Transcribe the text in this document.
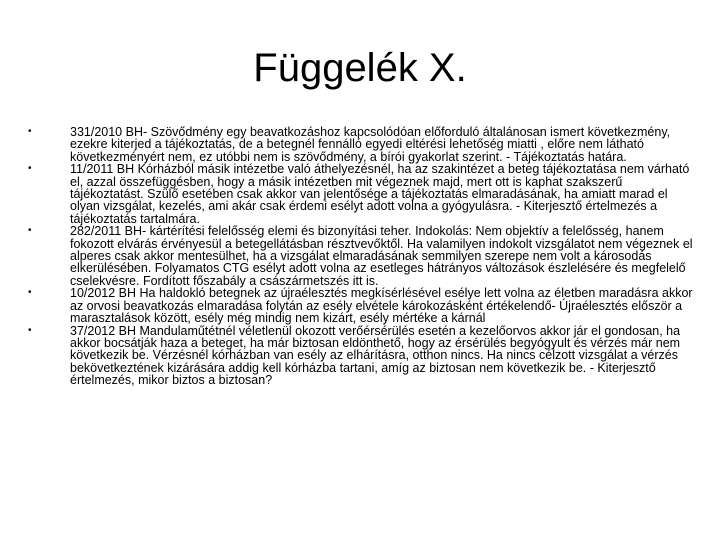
Függelék X.
•	331/2010 BH- Szövődmény egy beavatkozáshoz kapcsolódóan előforduló általánosan ismert következmény, ezekre kiterjed a tájékoztatás, de a betegnél fennálló egyedi eltérési lehetőség miatti , előre nem látható következményért nem, ez utóbbi nem is szövődmény, a bírói gyakorlat szerint. - Tájékoztatás határa.
•	11/2011 BH Kórházból másik intézetbe való áthelyezésnél, ha az szakintézet a beteg tájékoztatása nem várható el, azzal összefüggésben, hogy a másik intézetben mit végeznek majd, mert ott is kaphat szakszerű tájékoztatást. Szülő esetében csak akkor van jelentősége a tájékoztatás elmaradásának, ha amiatt marad el olyan vizsgálat, kezelés, ami akár csak érdemi esélyt adott volna a gyógyulásra. - Kiterjesztő értelmezés a tájékoztatás tartalmára.
•	282/2011 BH- kártérítési felelősség elemi és bizonyítási teher. Indokolás: Nem objektív a felelősség, hanem fokozott elvárás érvényesül a betegellátásban résztvevőktől. Ha valamilyen indokolt vizsgálatot nem végeznek el alperes csak akkor mentesülhet, ha a vizsgálat elmaradásának semmilyen szerepe nem volt a károsodás elkerülésében. Folyamatos CTG esélyt adott volna az esetleges hátrányos változások észlelésére és megfelelő cselekvésre. Fordított főszabály a császármetszés itt is.
•	10/2012 BH Ha haldokló betegnek az újraélesztés megkísérlésével esélye lett volna az életben maradásra akkor az orvosi beavatkozás elmaradása folytán az esély elvétele károkozásként értékelendő- Újraélesztés először a marasztalások között, esély még mindig nem kizárt, esély mértéke a kárnál
•	37/2012 BH Mandulaműtétnél véletlenül okozott verőérsérülés esetén a kezelőorvos akkor jár el gondosan, ha akkor bocsátják haza a beteget, ha már biztosan eldönthető, hogy az érsérülés begyógyult és vérzés már nem következik be. Vérzésnél kórházban van esély az elhárításra, otthon nincs. Ha nincs célzott vizsgálat a vérzés bekövetkeztének kizárására addig kell kórházba tartani, amíg az biztosan nem következik be. - Kiterjesztő értelmezés, mikor biztos a biztosan?
